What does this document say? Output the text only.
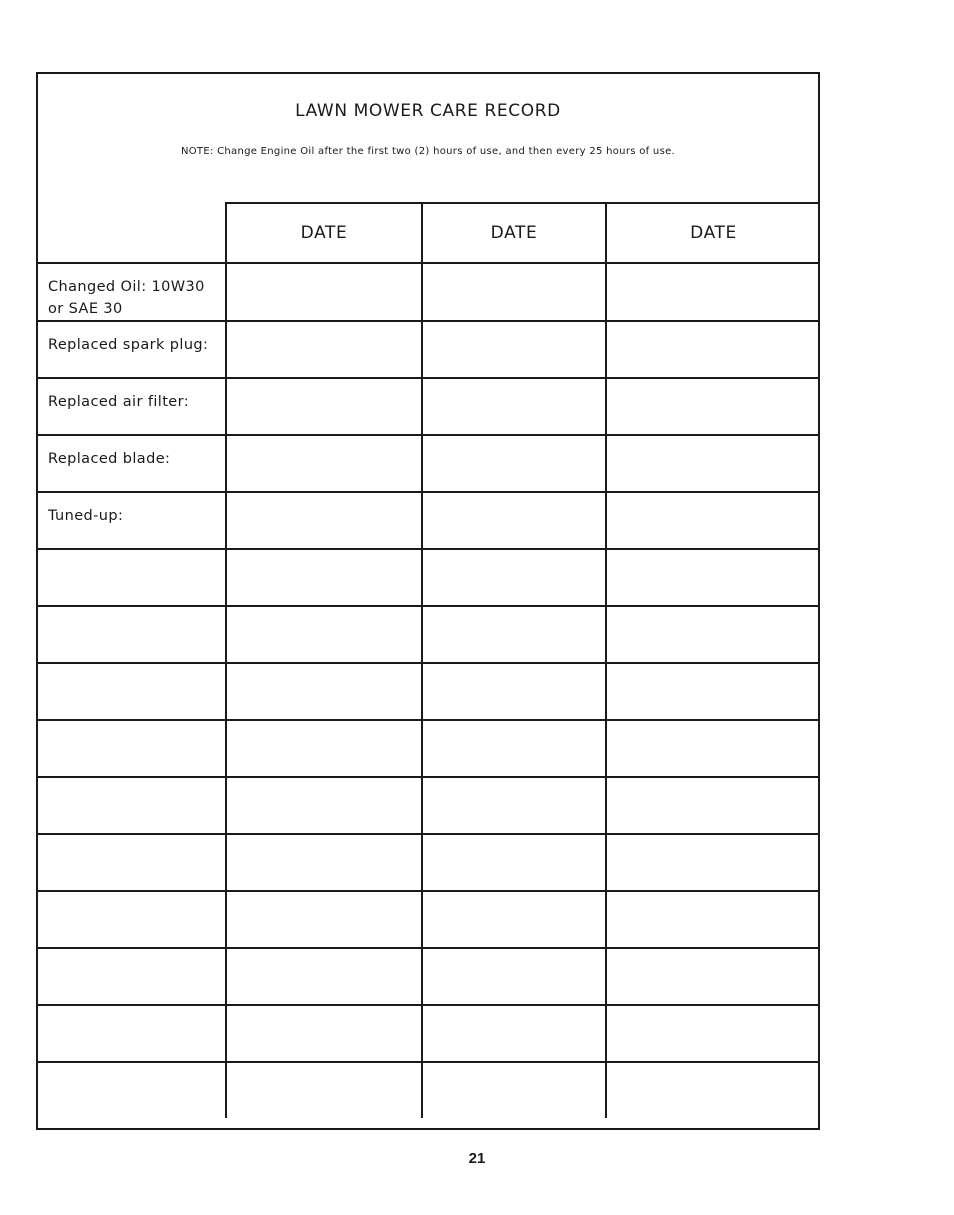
LAWN MOWER CARE RECORD
NOTE: Change Engine Oil after the first two (2) hours of use, and then every 25 hours of use.
	DATE	DATE	DATE

Changed Oil: 10W30
or SAE 30			

Replaced spark plug:			

Replaced air filter:			

Replaced blade:			

Tuned-up:			

21
